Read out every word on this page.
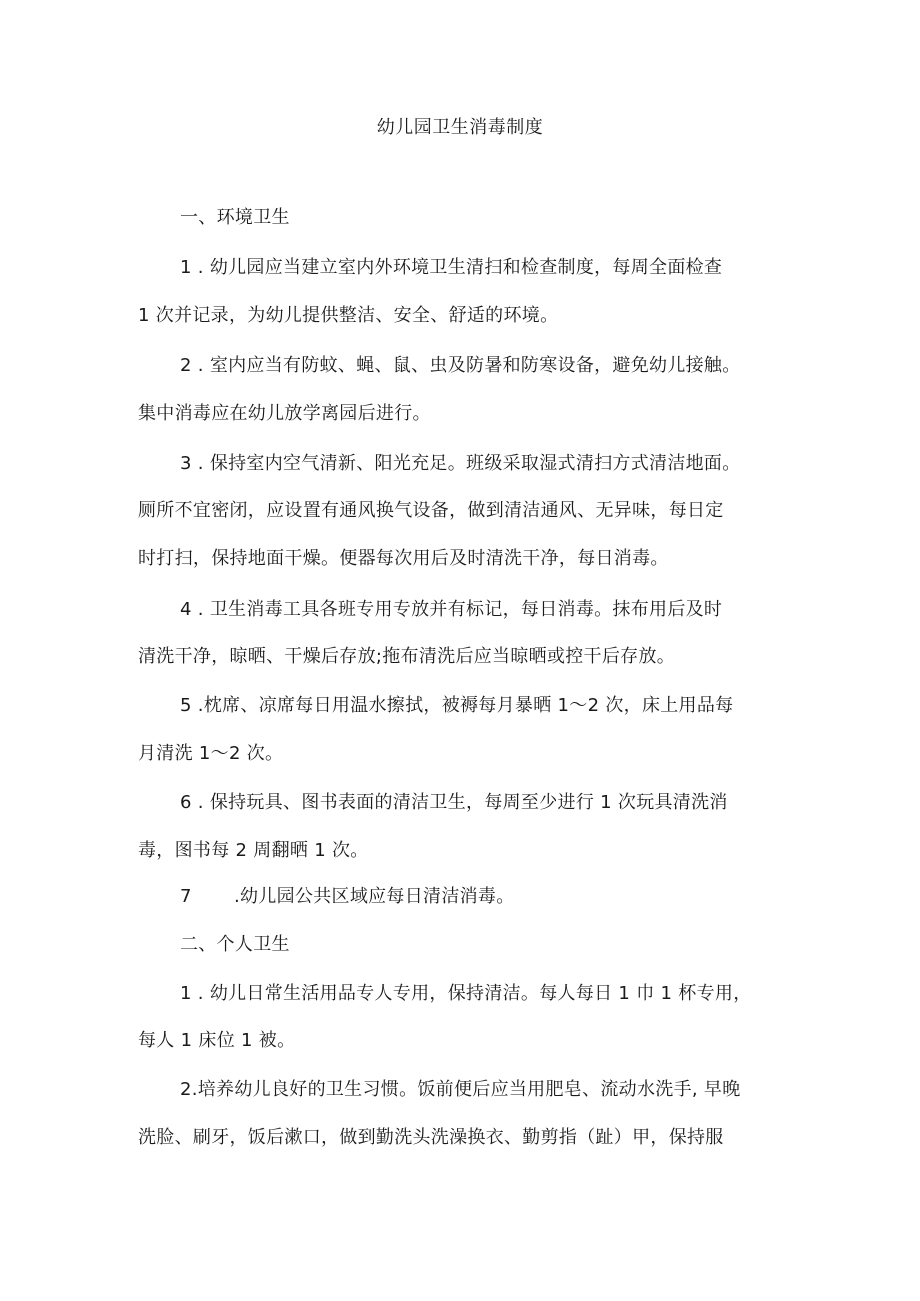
幼儿园卫生消毒制度
一、环境卫生
1 . 幼儿园应当建立室内外环境卫生清扫和检查制度，每周全面检查
1 次并记录，为幼儿提供整洁、安全、舒适的环境。
2 . 室内应当有防蚊、蝇、鼠、虫及防暑和防寒设备，避免幼儿接触。
集中消毒应在幼儿放学离园后进行。
3 . 保持室内空气清新、阳光充足。班级采取湿式清扫方式清洁地面。
厕所不宜密闭，应设置有通风换气设备，做到清洁通风、无异味，每日定
时打扫，保持地面干燥。便器每次用后及时清洗干净，每日消毒。
4 . 卫生消毒工具各班专用专放并有标记，每日消毒。抹布用后及时
清洗干净，晾晒、干燥后存放;拖布清洗后应当晾晒或控干后存放。
5 .枕席、凉席每日用温水擦拭，被褥每月暴晒 1～2 次，床上用品每
月清洗 1～2 次。
6 . 保持玩具、图书表面的清洁卫生，每周至少进行 1 次玩具清洗消
毒，图书每 2 周翻晒 1 次。
7 .幼儿园公共区域应每日清洁消毒。
二、个人卫生
1 . 幼儿日常生活用品专人专用，保持清洁。每人每日 1 巾 1 杯专用，
每人 1 床位 1 被。
2.培养幼儿良好的卫生习惯。饭前便后应当用肥皂、流动水洗手, 早晚
洗脸、刷牙，饭后漱口，做到勤洗头洗澡换衣、勤剪指（趾）甲，保持服
